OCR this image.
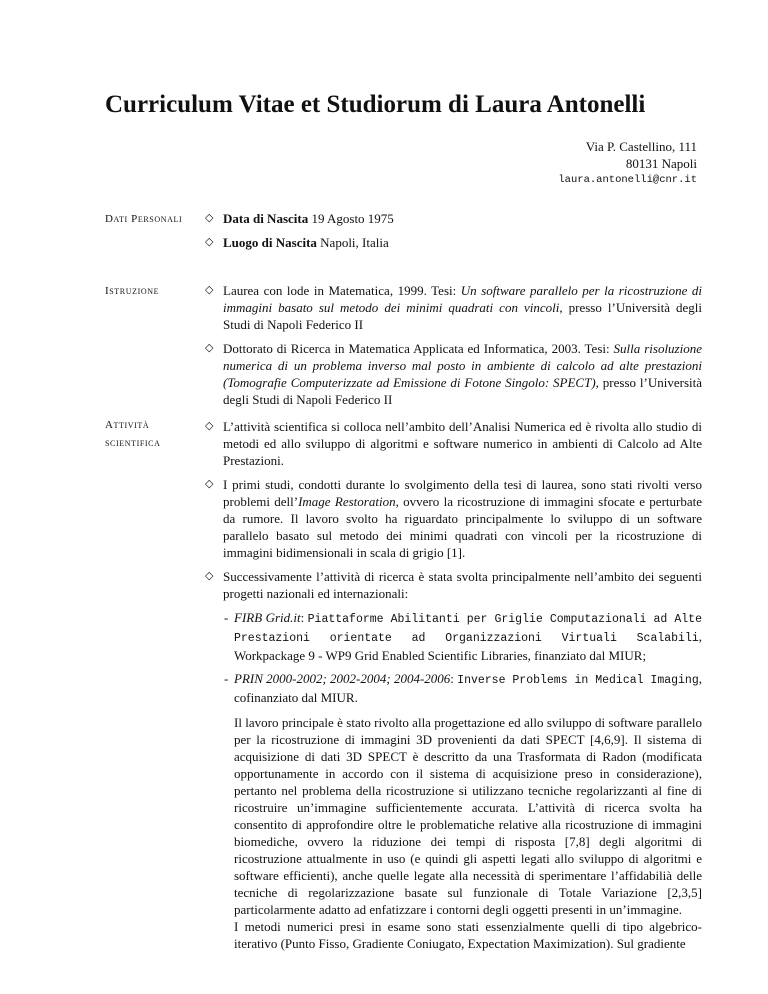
Curriculum Vitae et Studiorum di Laura Antonelli
Via P. Castellino, 111
80131 Napoli
laura.antonelli@cnr.it
Dati Personali ◇ Data di Nascita 19 Agosto 1975
◇ Luogo di Nascita Napoli, Italia
Istruzione	◇ Laurea con lode in Matematica, 1999. Tesi: Un software parallelo per la ricostruzione di immagini basato sul metodo dei minimi quadrati con vincoli, presso l’Università degli Studi di Napoli Federico II
◇ Dottorato di Ricerca in Matematica Applicata ed Informatica, 2003. Tesi: Sulla risoluzione numerica di un problema inverso mal posto in ambiente di calcolo ad alte prestazioni (Tomografie Computerizzate ad Emissione di Fotone Singolo: SPECT), presso l’Università degli Studi di Napoli Federico II
Attività
scientifica
◇ L’attività scientifica si colloca nell’ambito dell’Analisi Numerica ed è rivolta allo studio di metodi ed allo sviluppo di algoritmi e software numerico in ambienti di Calcolo ad Alte Prestazioni.
◇ I primi studi, condotti durante lo svolgimento della tesi di laurea, sono stati rivolti verso problemi dell’Image Restoration, ovvero la ricostruzione di immagini sfocate e perturbate da rumore. Il lavoro svolto ha riguardato principalmente lo sviluppo di un software parallelo basato sul metodo dei minimi quadrati con vincoli per la ricostruzione di immagini bidimensionali in scala di grigio [1].
◇ Successivamente l’attività di ricerca è stata svolta principalmente nell’ambito dei seguenti progetti nazionali ed internazionali:
- FIRB Grid.it: Piattaforme Abilitanti per Griglie Computazionali ad Alte Prestazioni orientate ad Organizzazioni Virtuali Scalabili, Workpackage 9 - WP9 Grid Enabled Scientific Libraries, finanziato dal MIUR;
- PRIN 2000-2002; 2002-2004; 2004-2006: Inverse Problems in Medical Imaging, cofinanziato dal MIUR.
Il lavoro principale è stato rivolto alla progettazione ed allo sviluppo di software parallelo per la ricostruzione di immagini 3D provenienti da dati SPECT [4,6,9]. Il sistema di acquisizione di dati 3D SPECT è descritto da una Trasformata di Radon (modificata opportunamente in accordo con il sistema di acquisizione preso in considerazione), pertanto nel problema della ricostruzione si utilizzano tecniche regolarizzanti al fine di ricostruire un’immagine sufficientemente accurata. L’attività di ricerca svolta ha consentito di approfondire oltre le problematiche relative alla ricostruzione di immagini biomediche, ovvero la riduzione dei tempi di risposta [7,8] degli algoritmi di ricostruzione attualmente in uso (e quindi gli aspetti legati allo sviluppo di algoritmi e software efficienti), anche quelle legate alla necessità di sperimentare l’affidabilià delle tecniche di regolarizzazione basate sul funzionale di Totale Variazione [2,3,5] particolarmente adatto ad enfatizzare i contorni degli oggetti presenti in un’immagine.
I metodi numerici presi in esame sono stati essenzialmente quelli di tipo algebrico-iterativo (Punto Fisso, Gradiente Coniugato, Expectation Maximization). Sul gradiente
